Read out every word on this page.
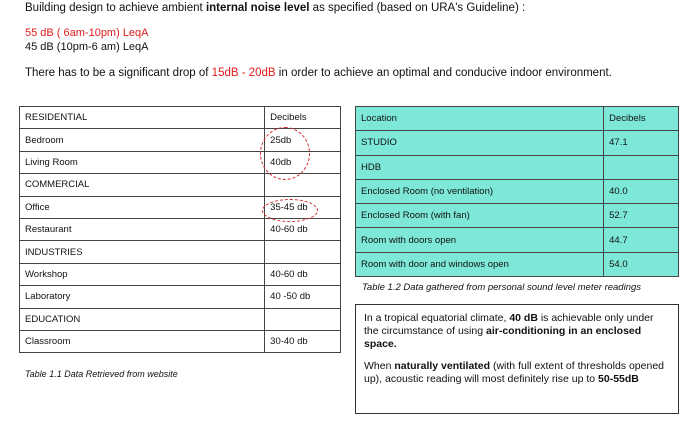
Building design to achieve ambient internal noise level as specified (based on URA's Guideline) :
55 dB ( 6am-10pm) LeqA
45 dB (10pm-6 am) LeqA
There has to be a significant drop of 15dB - 20dB in order to achieve an optimal and conducive indoor environment.
RESIDENTIAL	Decibels
Bedroom	25db
Living Room	40db
COMMERCIAL	
Office	35-45 db
Restaurant	40-60 db
INDUSTRIES	
Workshop	40-60 db
Laboratory	40 -50 db
EDUCATION	
Classroom	30-40 db
Table 1.1 Data Retrieved from website
Location	Decibels
STUDIO	47.1
HDB	
Enclosed Room (no ventilation)	40.0
Enclosed Room (with fan)	52.7
Room with doors open	44.7
Room with door and windows open	54.0
Table 1.2 Data gathered from personal sound level meter readings

In a tropical equatorial climate, 40 dB is achievable only under the circumstance of using air-conditioning in an enclosed space.

When naturally ventilated (with full extent of thresholds opened up), acoustic reading will most definitely rise up to 50-55dB
